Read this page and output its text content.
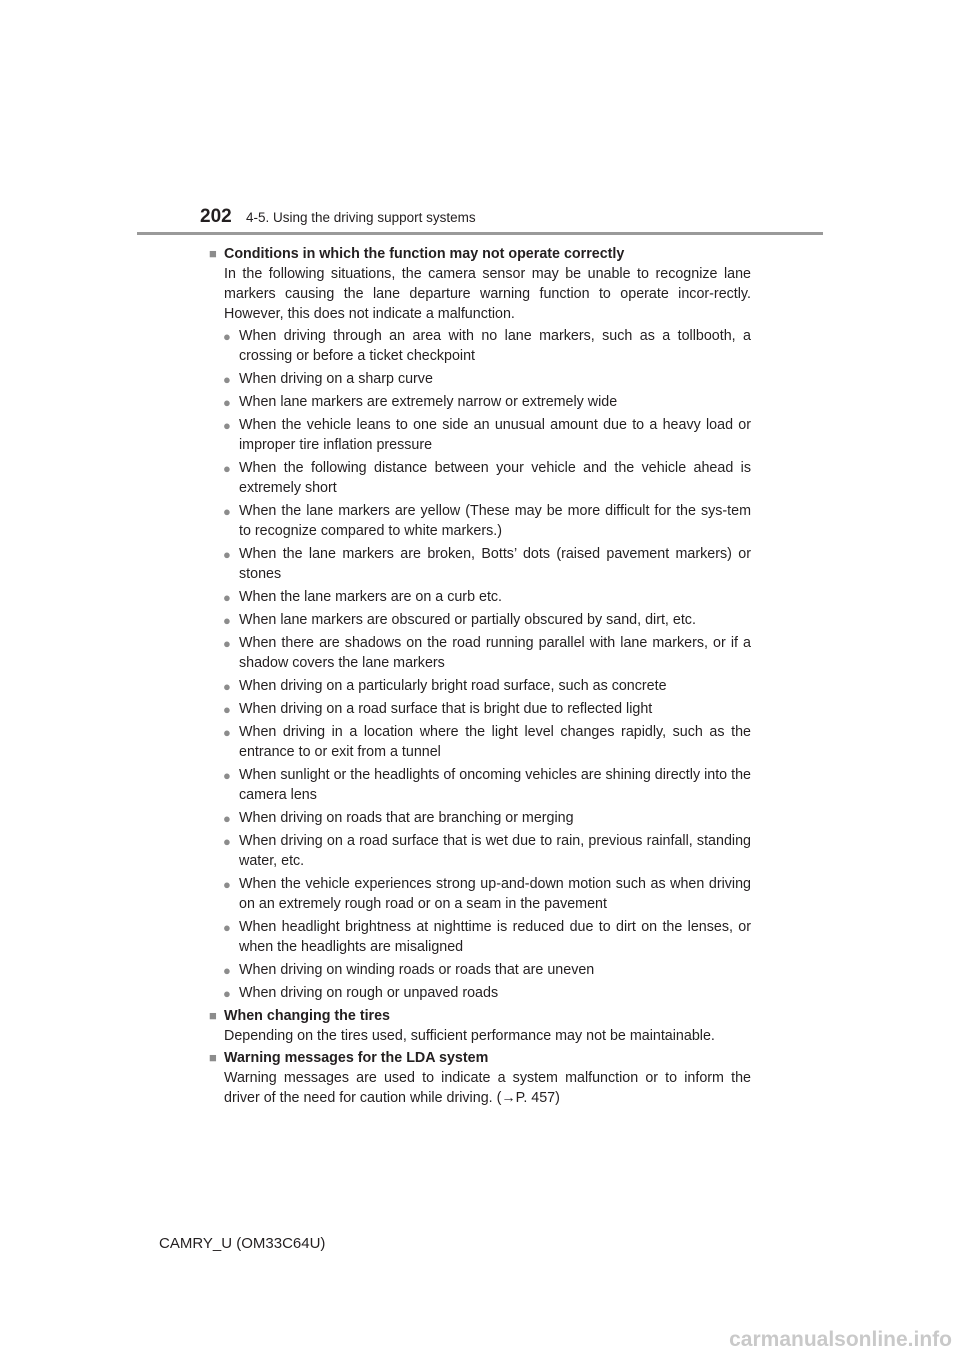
202 4-5. Using the driving support systems
■ Conditions in which the function may not operate correctly
In the following situations, the camera sensor may be unable to recognize lane markers causing the lane departure warning function to operate incor-rectly. However, this does not indicate a malfunction.
● When driving through an area with no lane markers, such as a tollbooth, a crossing or before a ticket checkpoint
● When driving on a sharp curve
● When lane markers are extremely narrow or extremely wide
● When the vehicle leans to one side an unusual amount due to a heavy load or improper tire inflation pressure
● When the following distance between your vehicle and the vehicle ahead is extremely short
● When the lane markers are yellow (These may be more difficult for the sys-tem to recognize compared to white markers.)
● When the lane markers are broken, Botts’ dots (raised pavement markers) or stones
● When the lane markers are on a curb etc.
● When lane markers are obscured or partially obscured by sand, dirt, etc.
● When there are shadows on the road running parallel with lane markers, or if a shadow covers the lane markers
● When driving on a particularly bright road surface, such as concrete
● When driving on a road surface that is bright due to reflected light
● When driving in a location where the light level changes rapidly, such as the entrance to or exit from a tunnel
● When sunlight or the headlights of oncoming vehicles are shining directly into the camera lens
● When driving on roads that are branching or merging
● When driving on a road surface that is wet due to rain, previous rainfall, standing water, etc.
● When the vehicle experiences strong up-and-down motion such as when driving on an extremely rough road or on a seam in the pavement
● When headlight brightness at nighttime is reduced due to dirt on the lenses, or when the headlights are misaligned
● When driving on winding roads or roads that are uneven
● When driving on rough or unpaved roads
■ When changing the tires
Depending on the tires used, sufficient performance may not be maintainable.
■ Warning messages for the LDA system
Warning messages are used to indicate a system malfunction or to inform the driver of the need for caution while driving. (→P. 457)
CAMRY_U (OM33C64U)
carmanualsonline.info
